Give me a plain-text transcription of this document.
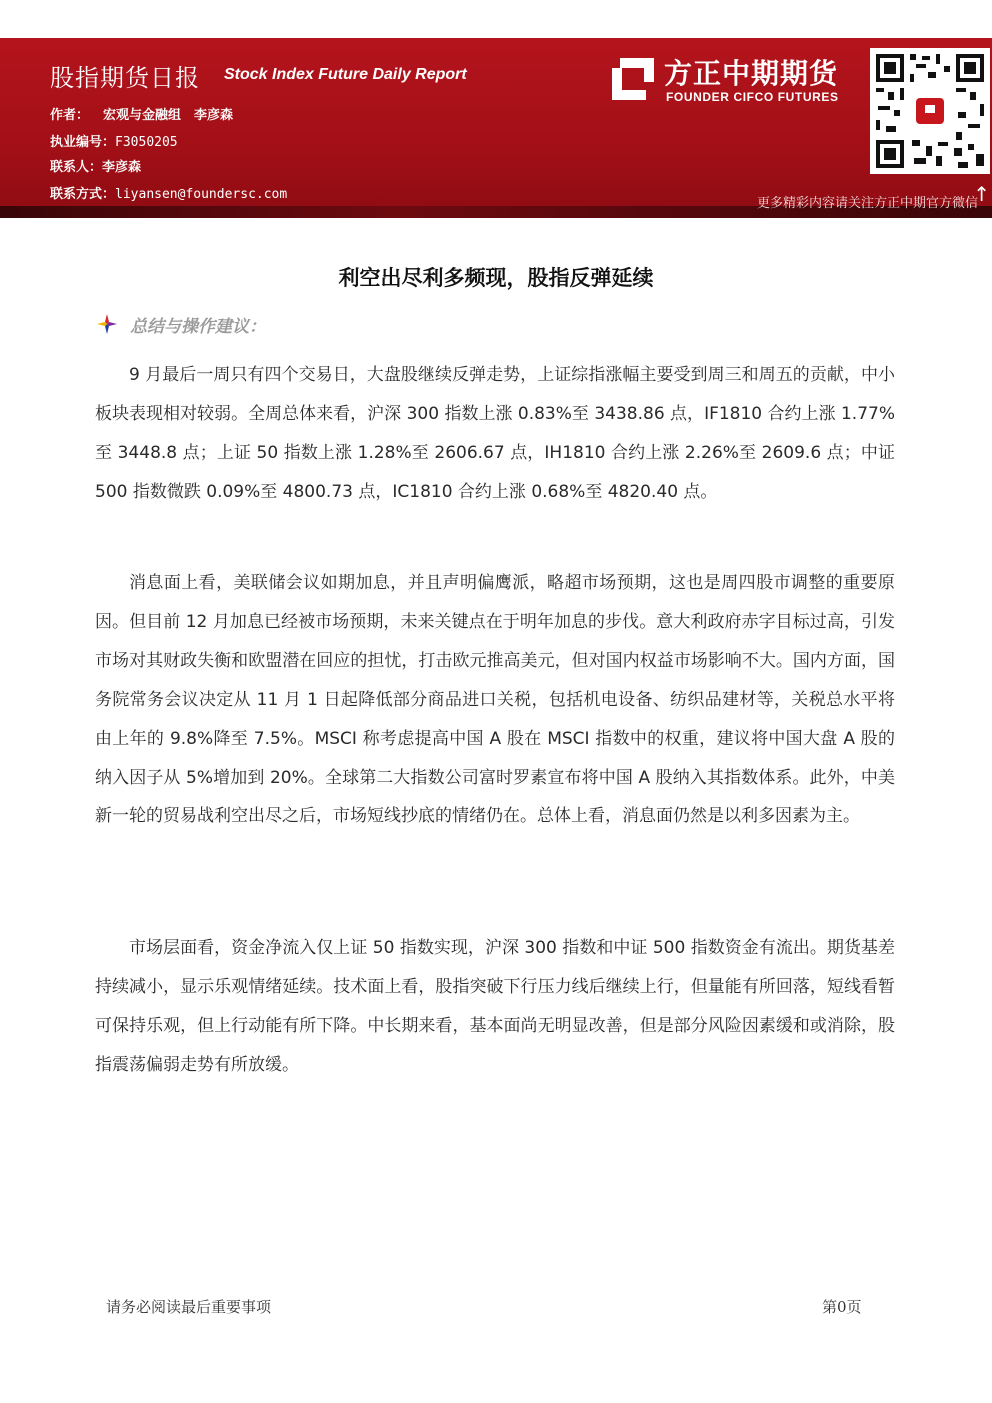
股指期货日报 Stock Index Future Daily Report
作者： 宏观与金融组　李彦森
执业编号：F3050205
联系人：李彦森
联系方式：liyansen@foundersc.com
方正中期期货
FOUNDER CIFCO FUTURES
↑
更多精彩内容请关注方正中期官方微信
利空出尽利多频现，股指反弹延续
总结与操作建议：

9 月最后一周只有四个交易日，大盘股继续反弹走势，上证综指涨幅主要受到周三和周五的贡献，中小板块表现相对较弱。全周总体来看，沪深 300 指数上涨 0.83%至 3438.86 点，IF1810 合约上涨 1.77%至 3448.8 点；上证 50 指数上涨 1.28%至 2606.67 点，IH1810 合约上涨 2.26%至 2609.6 点；中证 500 指数微跌 0.09%至 4800.73 点，IC1810 合约上涨 0.68%至 4820.40 点。

消息面上看，美联储会议如期加息，并且声明偏鹰派，略超市场预期，这也是周四股市调整的重要原因。但目前 12 月加息已经被市场预期，未来关键点在于明年加息的步伐。意大利政府赤字目标过高，引发市场对其财政失衡和欧盟潜在回应的担忧，打击欧元推高美元，但对国内权益市场影响不大。国内方面，国务院常务会议决定从 11 月 1 日起降低部分商品进口关税，包括机电设备、纺织品建材等，关税总水平将由上年的 9.8%降至 7.5%。MSCI 称考虑提高中国 A 股在 MSCI 指数中的权重，建议将中国大盘 A 股的纳入因子从 5%增加到 20%。全球第二大指数公司富时罗素宣布将中国 A 股纳入其指数体系。此外，中美新一轮的贸易战利空出尽之后，市场短线抄底的情绪仍在。总体上看，消息面仍然是以利多因素为主。

市场层面看，资金净流入仅上证 50 指数实现，沪深 300 指数和中证 500 指数资金有流出。期货基差持续减小，显示乐观情绪延续。技术面上看，股指突破下行压力线后继续上行，但量能有所回落，短线看暂可保持乐观，但上行动能有所下降。中长期来看，基本面尚无明显改善，但是部分风险因素缓和或消除，股指震荡偏弱走势有所放缓。

请务必阅读最后重要事项	第0页
